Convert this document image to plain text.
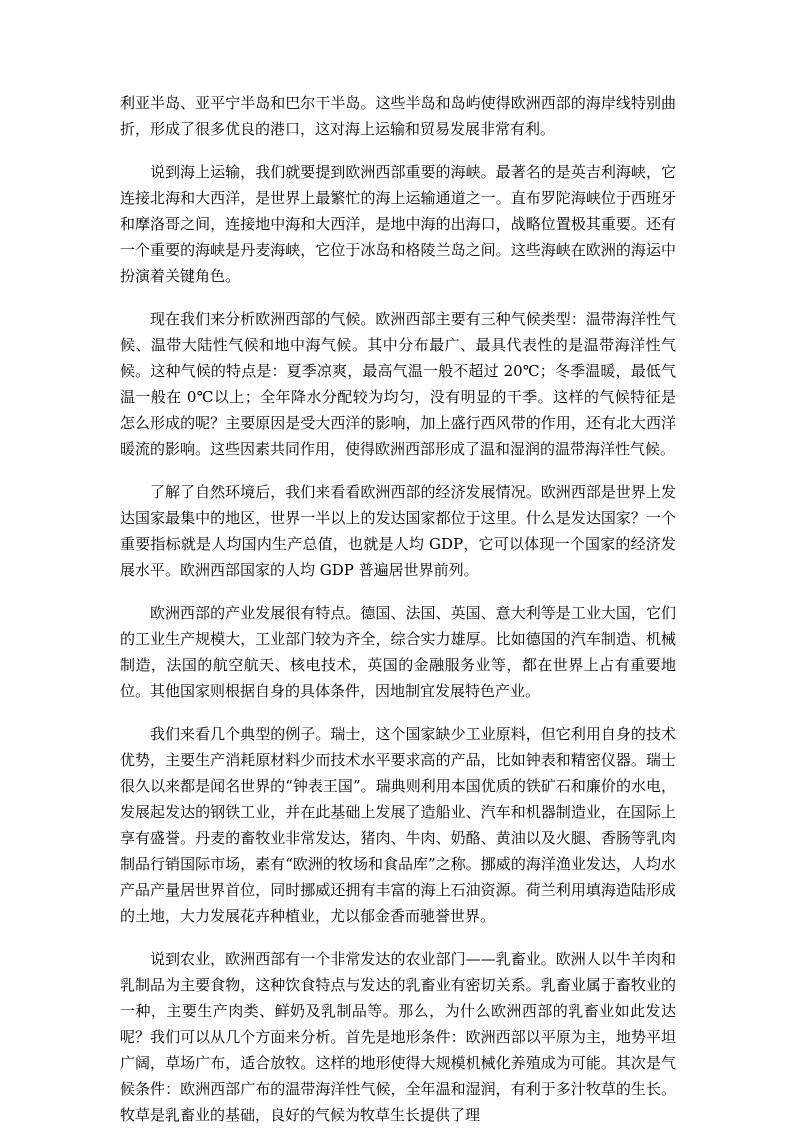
利亚半岛、亚平宁半岛和巴尔干半岛。这些半岛和岛屿使得欧洲西部的海岸线特别曲折，形成了很多优良的港口，这对海上运输和贸易发展非常有利。

说到海上运输，我们就要提到欧洲西部重要的海峡。最著名的是英吉利海峡，它连接北海和大西洋，是世界上最繁忙的海上运输通道之一。直布罗陀海峡位于西班牙和摩洛哥之间，连接地中海和大西洋，是地中海的出海口，战略位置极其重要。还有一个重要的海峡是丹麦海峡，它位于冰岛和格陵兰岛之间。这些海峡在欧洲的海运中扮演着关键角色。

现在我们来分析欧洲西部的气候。欧洲西部主要有三种气候类型：温带海洋性气候、温带大陆性气候和地中海气候。其中分布最广、最具代表性的是温带海洋性气候。这种气候的特点是：夏季凉爽，最高气温一般不超过 20℃；冬季温暖，最低气温一般在 0℃以上；全年降水分配较为均匀，没有明显的干季。这样的气候特征是怎么形成的呢？主要原因是受大西洋的影响，加上盛行西风带的作用，还有北大西洋暖流的影响。这些因素共同作用，使得欧洲西部形成了温和湿润的温带海洋性气候。

了解了自然环境后，我们来看看欧洲西部的经济发展情况。欧洲西部是世界上发达国家最集中的地区，世界一半以上的发达国家都位于这里。什么是发达国家？一个重要指标就是人均国内生产总值，也就是人均 GDP，它可以体现一个国家的经济发展水平。欧洲西部国家的人均 GDP 普遍居世界前列。

欧洲西部的产业发展很有特点。德国、法国、英国、意大利等是工业大国，它们的工业生产规模大，工业部门较为齐全，综合实力雄厚。比如德国的汽车制造、机械制造，法国的航空航天、核电技术，英国的金融服务业等，都在世界上占有重要地位。其他国家则根据自身的具体条件，因地制宜发展特色产业。

我们来看几个典型的例子。瑞士，这个国家缺少工业原料，但它利用自身的技术优势，主要生产消耗原材料少而技术水平要求高的产品，比如钟表和精密仪器。瑞士很久以来都是闻名世界的“钟表王国”。瑞典则利用本国优质的铁矿石和廉价的水电，发展起发达的钢铁工业，并在此基础上发展了造船业、汽车和机器制造业，在国际上享有盛誉。丹麦的畜牧业非常发达，猪肉、牛肉、奶酪、黄油以及火腿、香肠等乳肉制品行销国际市场，素有“欧洲的牧场和食品库”之称。挪威的海洋渔业发达，人均水产品产量居世界首位，同时挪威还拥有丰富的海上石油资源。荷兰利用填海造陆形成的土地，大力发展花卉种植业，尤以郁金香而驰誉世界。

说到农业，欧洲西部有一个非常发达的农业部门——乳畜业。欧洲人以牛羊肉和乳制品为主要食物，这种饮食特点与发达的乳畜业有密切关系。乳畜业属于畜牧业的一种，主要生产肉类、鲜奶及乳制品等。那么，为什么欧洲西部的乳畜业如此发达呢？我们可以从几个方面来分析。首先是地形条件：欧洲西部以平原为主，地势平坦广阔，草场广布，适合放牧。这样的地形使得大规模机械化养殖成为可能。其次是气候条件：欧洲西部广布的温带海洋性气候，全年温和湿润，有利于多汁牧草的生长。牧草是乳畜业的基础，良好的气候为牧草生长提供了理
